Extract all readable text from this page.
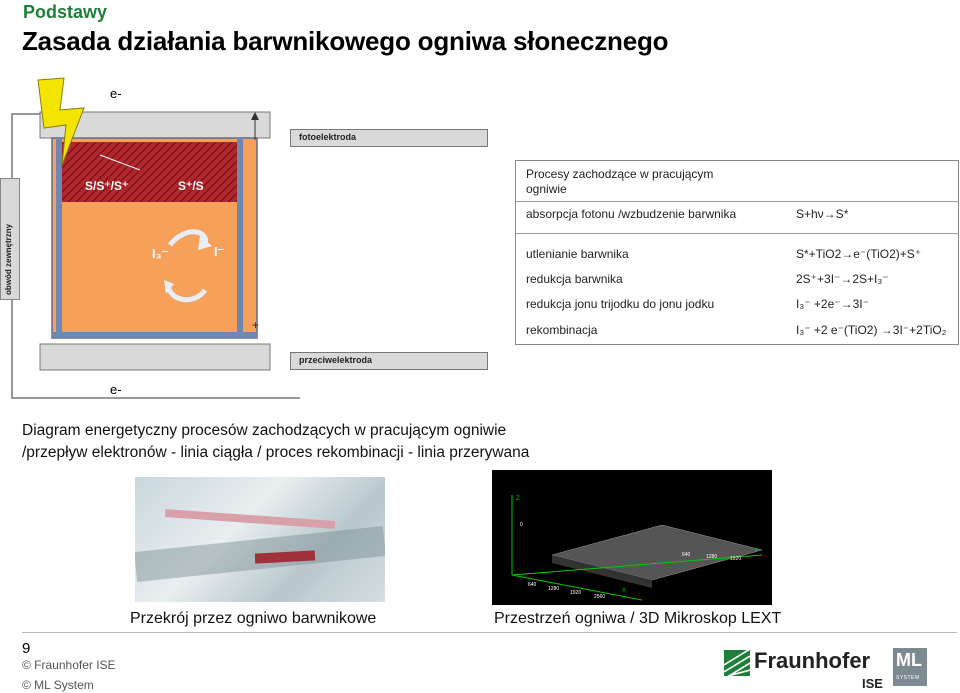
Podstawy
Zasada działania barwnikowego ogniwa słonecznego
e-
e-
S/S⁺/S⁺	S⁺/S
I₃⁻	I⁻
+
obwód zewnętrzny
fotoelektroda
przeciwelektroda
Procesy zachodzące w pracującym ogniwie
absorpcja fotonu /wzbudzenie barwnika	S+hν→S*
utlenianie barwnika	S*+TiO2→e⁻(TiO2)+S⁺
redukcja barwnika	2S⁺+3I⁻→2S+I₃⁻
redukcja jonu trijodku do jonu jodku	I₃⁻ +2e⁻→3I⁻
rekombinacja	I₃⁻ +2 e⁻(TiO2) →3I⁻+2TiO₂
Diagram energetyczny procesów zachodzących w pracującym ogniwie
/przepływ elektronów - linia ciągła / proces rekombinacji - linia przerywana
Przekrój przez ogniwo barwnikowe
Z
0
640
1280
1920
2560
640	1280	1920
Y
X
Przestrzeń ogniwa / 3D Mikroskop LEXT
9
© Fraunhofer ISE
© ML System
Fraunhofer
ISE
ML
SYSTEM
